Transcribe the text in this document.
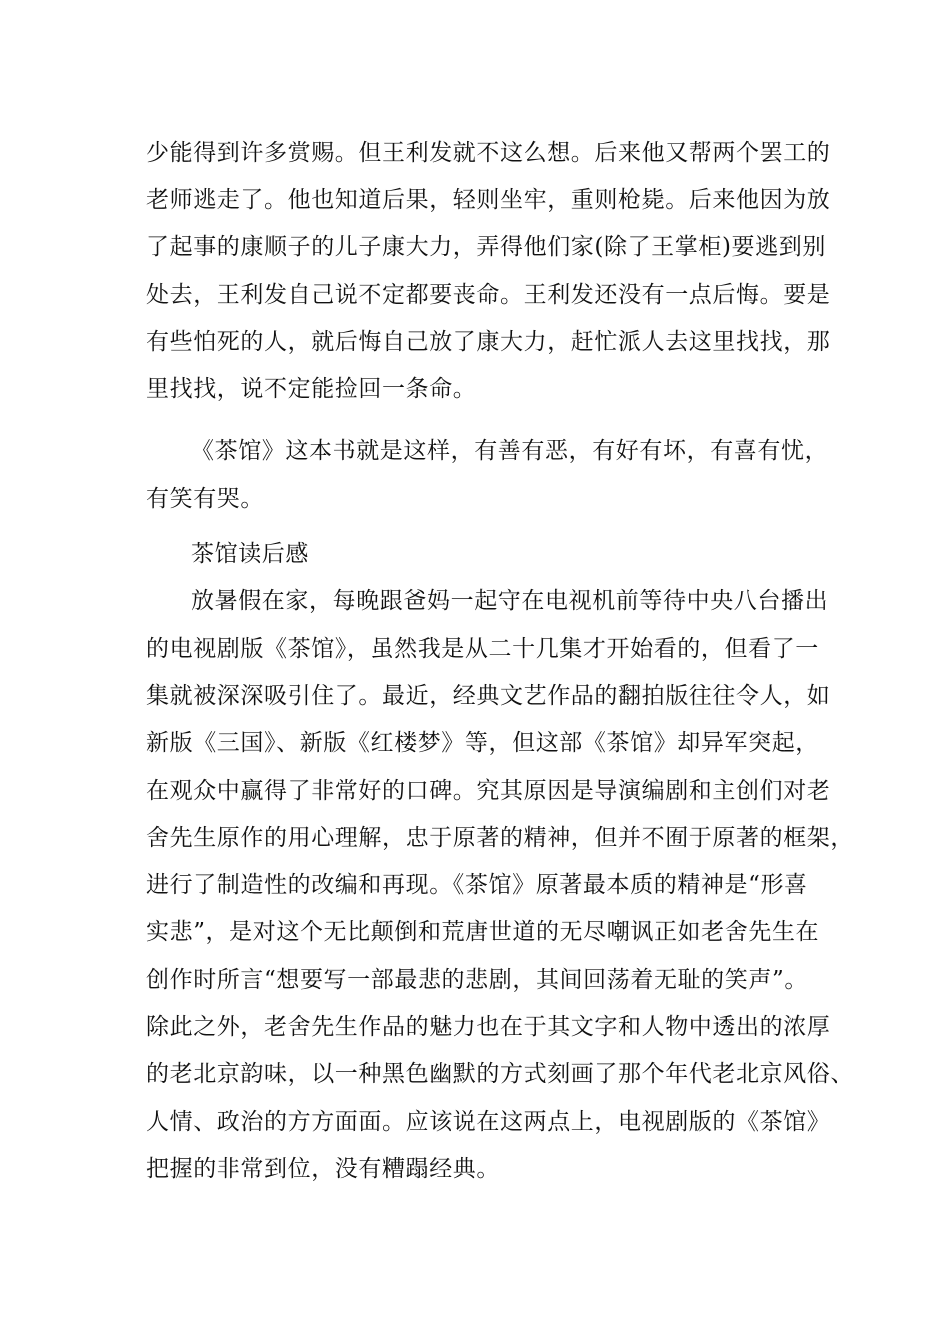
少能得到许多赏赐。但王利发就不这么想。后来他又帮两个罢工的
老师逃走了。他也知道后果，轻则坐牢，重则枪毙。后来他因为放
了起事的康顺子的儿子康大力，弄得他们家(除了王掌柜)要逃到别
处去，王利发自己说不定都要丧命。王利发还没有一点后悔。要是
有些怕死的人，就后悔自己放了康大力，赶忙派人去这里找找，那
里找找，说不定能捡回一条命。
《茶馆》这本书就是这样，有善有恶，有好有坏，有喜有忧，
有笑有哭。
茶馆读后感
放暑假在家，每晚跟爸妈一起守在电视机前等待中央八台播出
的电视剧版《茶馆》，虽然我是从二十几集才开始看的，但看了一
集就被深深吸引住了。最近，经典文艺作品的翻拍版往往令人，如
新版《三国》、新版《红楼梦》等，但这部《茶馆》却异军突起，
在观众中赢得了非常好的口碑。究其原因是导演编剧和主创们对老
舍先生原作的用心理解，忠于原著的精神，但并不囿于原著的框架，
进行了制造性的改编和再现。《茶馆》原著最本质的精神是“形喜
实悲”，是对这个无比颠倒和荒唐世道的无尽嘲讽正如老舍先生在
创作时所言“想要写一部最悲的悲剧，其间回荡着无耻的笑声”。
除此之外，老舍先生作品的魅力也在于其文字和人物中透出的浓厚
的老北京韵味，以一种黑色幽默的方式刻画了那个年代老北京风俗、
人情、政治的方方面面。应该说在这两点上，电视剧版的《茶馆》
把握的非常到位，没有糟蹋经典。
